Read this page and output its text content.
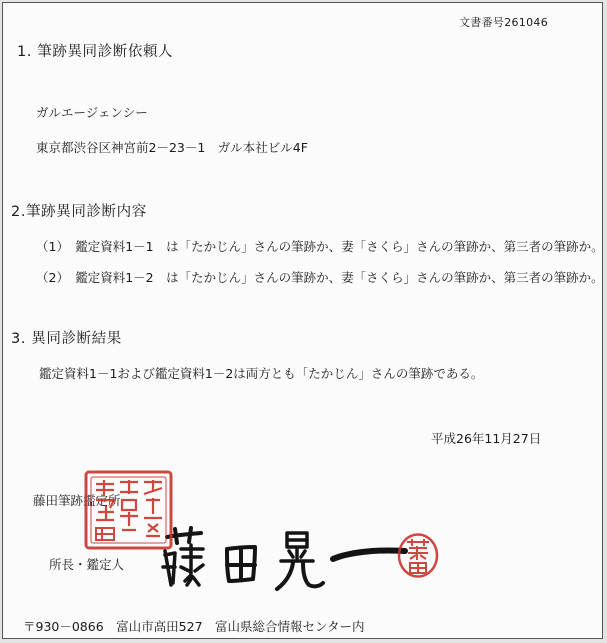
文書番号261046

1. 筆跡異同診断依頼人

ガルエージェンシー

東京都渋谷区神宮前2－23－1　ガル本社ビル4F

2.筆跡異同診断内容

（1）　鑑定資料1－1　は「たかじん」さんの筆跡か、妻「さくら」さんの筆跡か、第三者の筆跡か。

（2）　鑑定資料1－2　は「たかじん」さんの筆跡か、妻「さくら」さんの筆跡か、第三者の筆跡か。

3. 異同診断結果

鑑定資料1－1および鑑定資料1－2は両方とも「たかじん」さんの筆跡である。

平成26年11月27日

藤田筆跡鑑定所

所長・鑑定人

〒930－0866　富山市高田527　富山県総合情報センター内
